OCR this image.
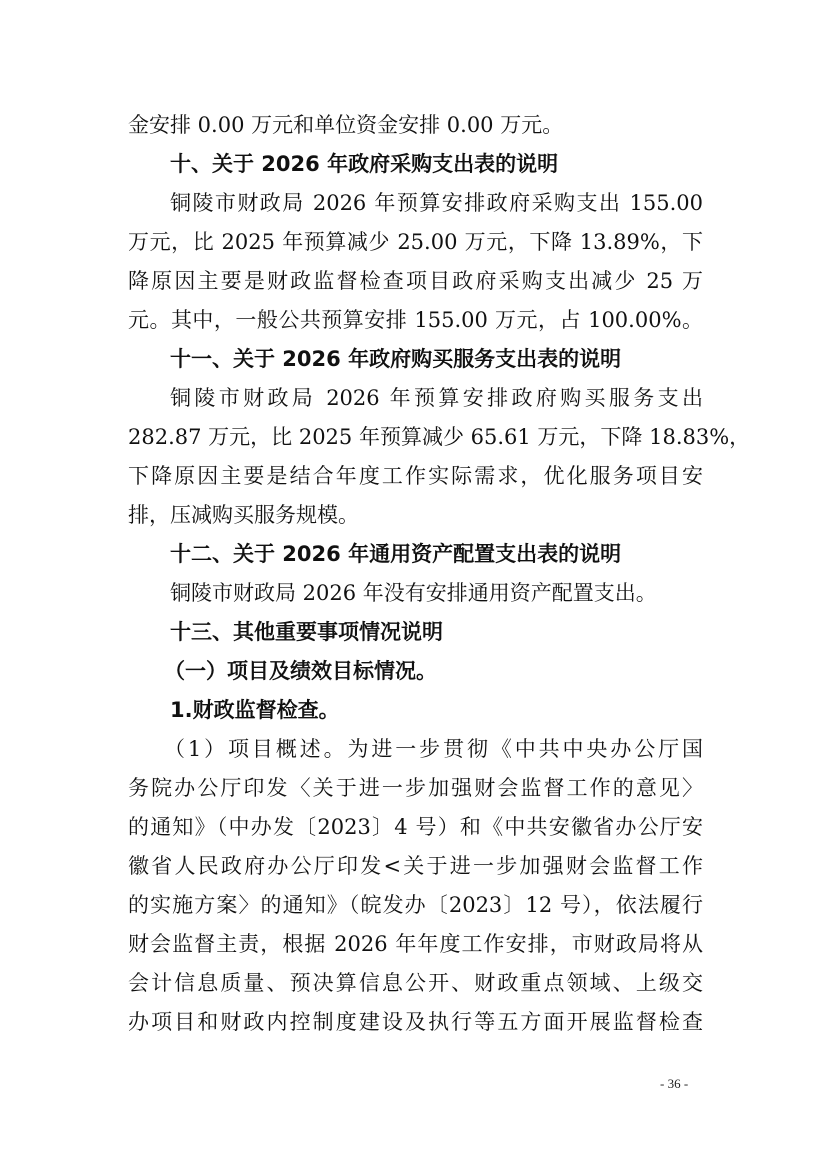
金安排 0.00 万元和单位资金安排 0.00 万元。
十、关于 2026 年政府采购支出表的说明
铜陵市财政局 2026 年预算安排政府采购支出 155.00
万元，比 2025 年预算减少 25.00 万元，下降 13.89%，下
降原因主要是财政监督检查项目政府采购支出减少 25 万
元。其中，一般公共预算安排 155.00 万元，占 100.00%。
十一、关于 2026 年政府购买服务支出表的说明
铜陵市财政局 2026 年预算安排政府购买服务支出
282.87 万元，比 2025 年预算减少 65.61 万元，下降 18.83%，
下降原因主要是结合年度工作实际需求，优化服务项目安
排，压减购买服务规模。
十二、关于 2026 年通用资产配置支出表的说明
铜陵市财政局 2026 年没有安排通用资产配置支出。
十三、其他重要事项情况说明
（一）项目及绩效目标情况。
1.财政监督检查。
（1）项目概述。为进一步贯彻《中共中央办公厅国
务院办公厅印发〈关于进一步加强财会监督工作的意见〉
的通知》（中办发〔2023〕4 号）和《中共安徽省办公厅安
徽省人民政府办公厅印发<关于进一步加强财会监督工作
的实施方案〉的通知》（皖发办〔2023〕12 号），依法履行
财会监督主责，根据 2026 年年度工作安排，市财政局将从
会计信息质量、预决算信息公开、财政重点领域、上级交
办项目和财政内控制度建设及执行等五方面开展监督检查
- 36 -
